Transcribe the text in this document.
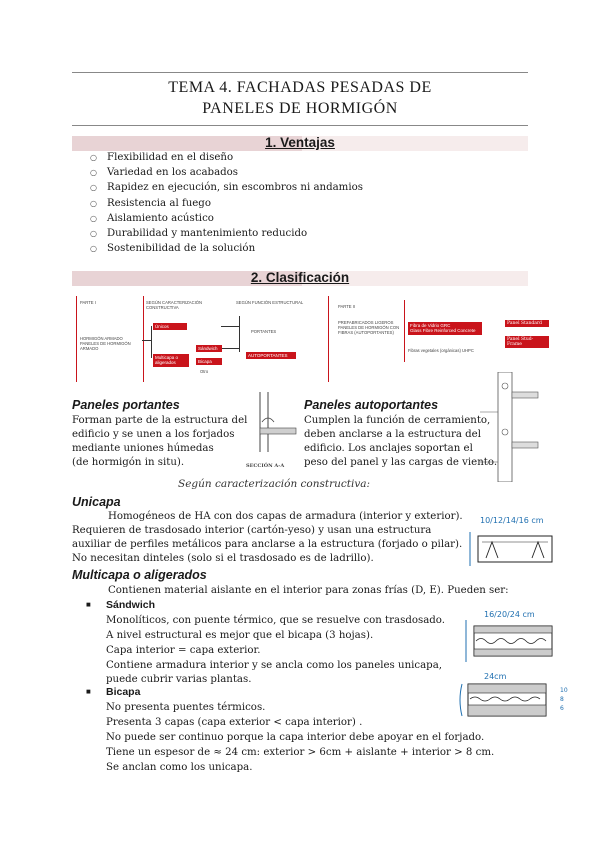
TEMA 4. FACHADAS PESADAS DE
PANELES DE HORMIGÓN
1. Ventajas
○ Flexibilidad en el diseño
○ Variedad en los acabados
○ Rapidez en ejecución, sin escombros ni andamios
○ Resistencia al fuego
○ Aislamiento acústico
○ Durabilidad y mantenimiento reducido
○ Sostenibilidad de la solución
2. Clasificación
PARTE I
HORMIGÓN ARMADO PANELES DE HORMIGÓN ARMADO
SEGÚN CARACTERIZACIÓN CONSTRUCTIVA
SEGÚN FUNCIÓN ESTRUCTURAL
Únicos
Multicapa o aligerados
Sándwich
Bicapa
Otro
PORTANTES
AUTOPORTANTES
PARTE II
PREFABRICADOS LIGEROS PANELES DE HORMIGÓN CON FIBRAS (AUTOPORTANTES)
Fibra de Vidrio GRC
Glass Fibre Reinforced Concrete
Fibras vegetales (orgánicas) UHPC
Panel Standard
Panel Stud-Frame
Paneles portantes
Forman parte de la estructura del
edificio y se unen a los forjados
mediante uniones húmedas
(de hormigón in situ).	SECCIÓN A-A
Paneles autoportantes
Cumplen la función de cerramiento,
deben anclarse a la estructura del
edificio. Los anclajes soportan el
peso del panel y las cargas de viento.
Según caracterización constructiva:
Unicapa
Homogéneos de HA con dos capas de armadura (interior y exterior).
Requieren de trasdosado interior (cartón-yeso) y usan una estructura
auxiliar de perfiles metálicos para anclarse a la estructura (forjado o pilar).
No necesitan dinteles (solo si el trasdosado es de ladrillo).
10/12/14/16 cm
Multicapa o aligerados
Contienen material aislante en el interior para zonas frías (D, E). Pueden ser:
■ Sándwich
Monolíticos, con puente térmico, que se resuelve con trasdosado.
A nivel estructural es mejor que el bicapa (3 hojas).
Capa interior = capa exterior.
Contiene armadura interior y se ancla como los paneles unicapa,
puede cubrir varias plantas.
16/20/24 cm
■ Bicapa
No presenta puentes térmicos.
Presenta 3 capas (capa exterior < capa interior) .
No puede ser continuo porque la capa interior debe apoyar en el forjado.
Tiene un espesor de ≈ 24 cm: exterior > 6cm + aislante + interior > 8 cm.
Se anclan como los unicapa.
24cm
10
8
6
